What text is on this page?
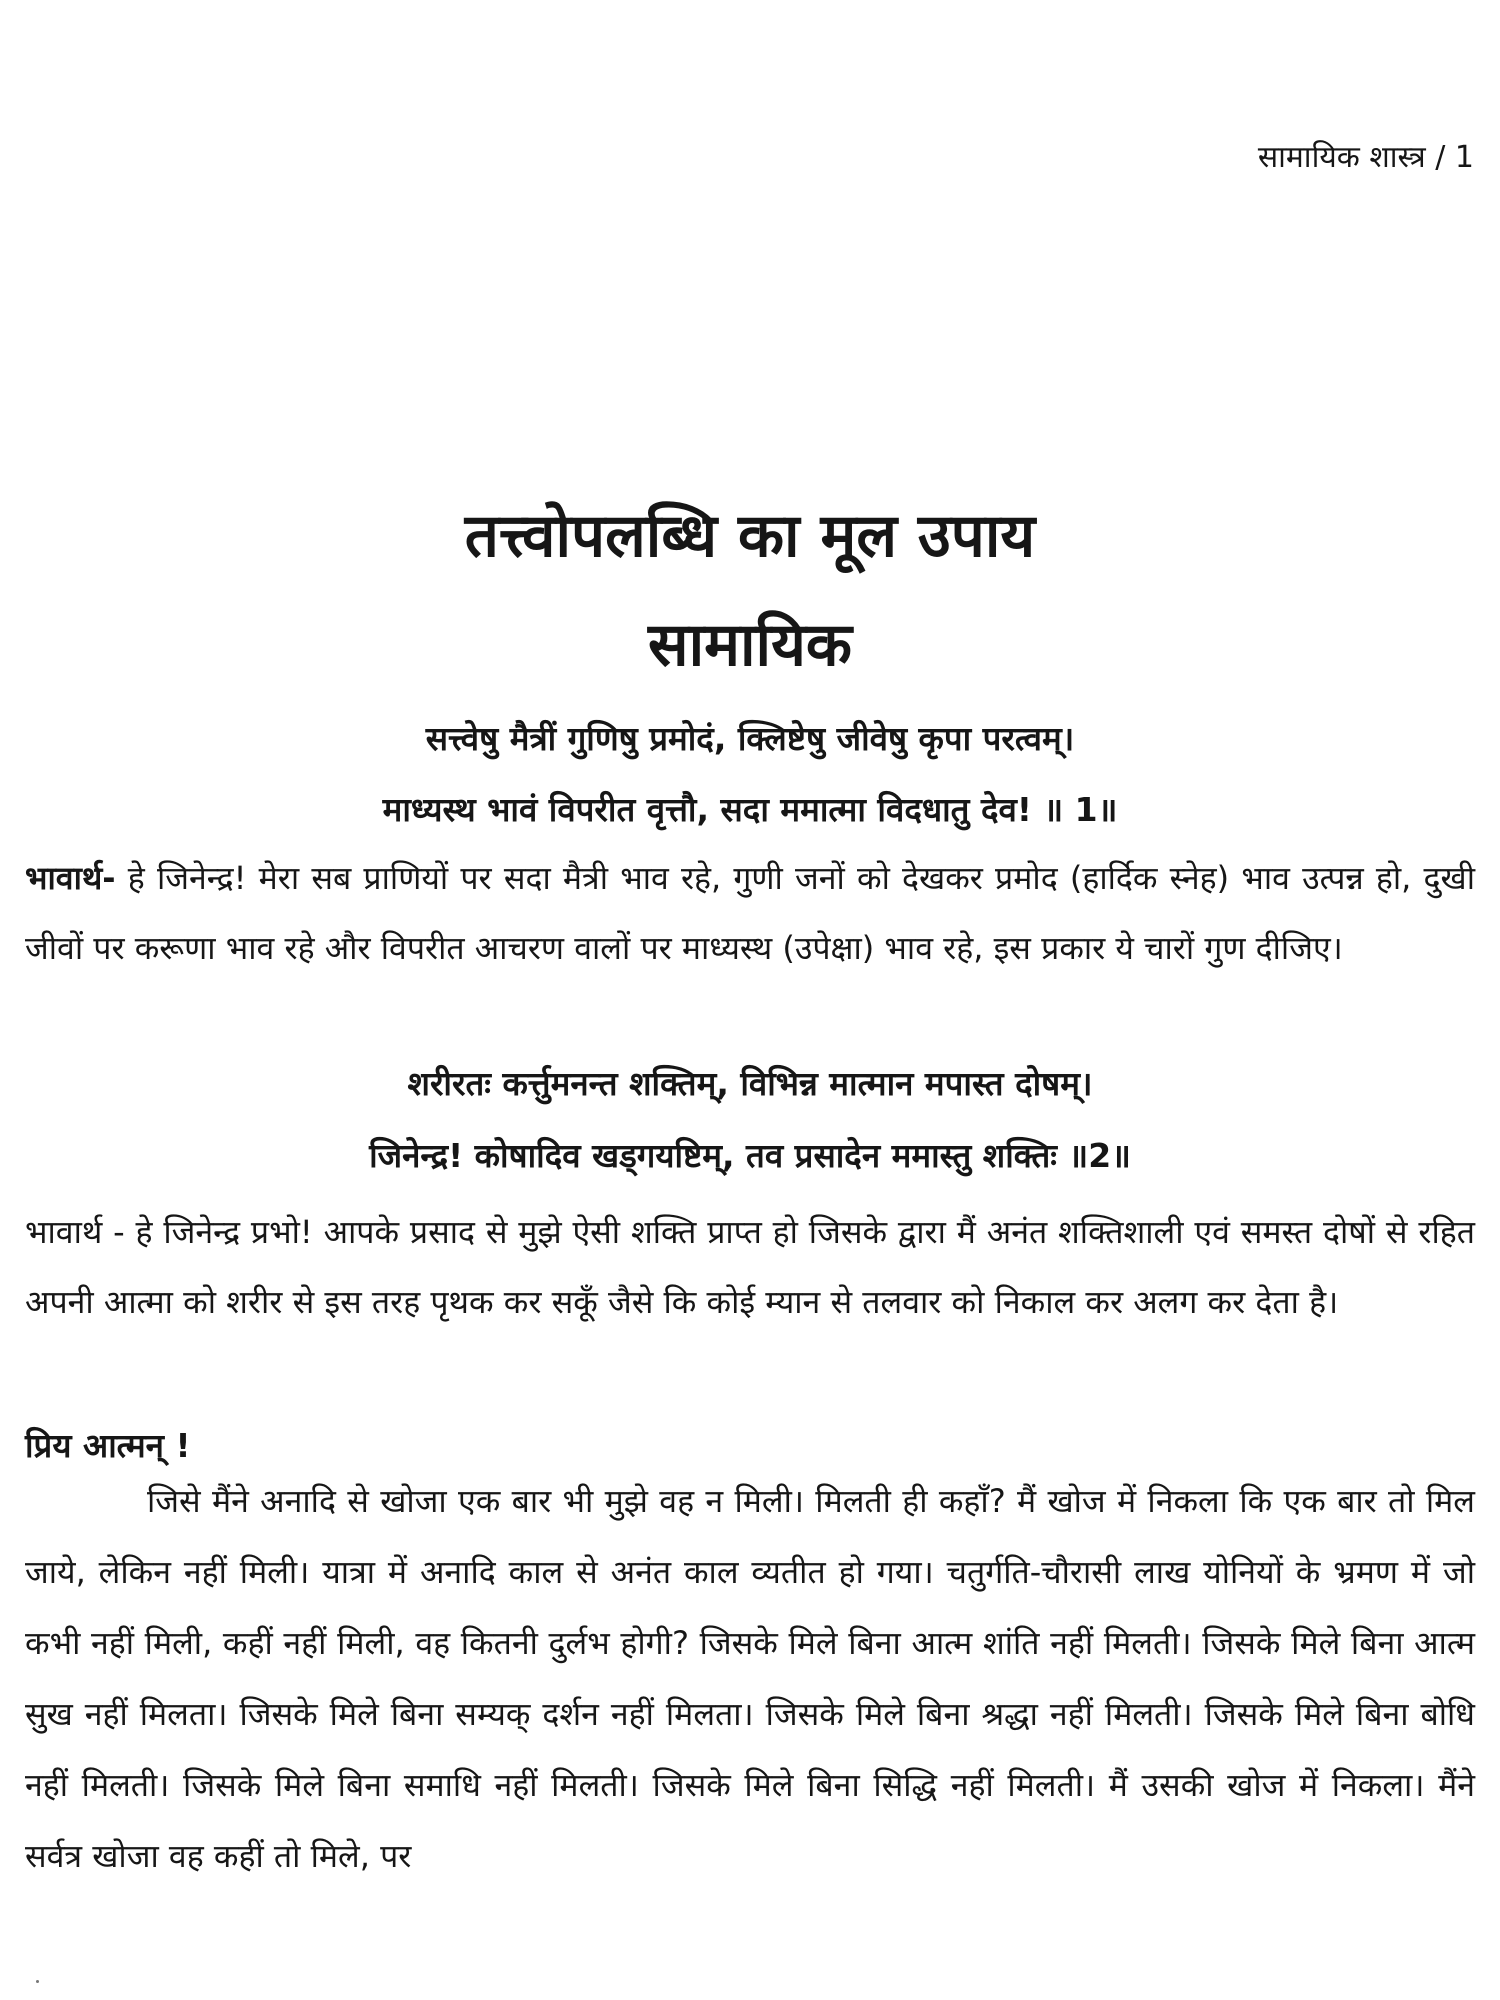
सामायिक शास्त्र / 1
तत्त्वोपलब्धि का मूल उपाय
सामायिक
सत्त्वेषु मैत्रीं गुणिषु प्रमोदं, क्लिष्टेषु जीवेषु कृपा परत्वम्।
माध्यस्थ भावं विपरीत वृत्तौ, सदा ममात्मा विदधातु देव! ॥ 1॥
भावार्थ- हे जिनेन्द्र! मेरा सब प्राणियों पर सदा मैत्री भाव रहे, गुणी जनों को देखकर प्रमोद (हार्दिक स्नेह) भाव उत्पन्न हो, दुखी जीवों पर करूणा भाव रहे और विपरीत आचरण वालों पर माध्यस्थ (उपेक्षा) भाव रहे, इस प्रकार ये चारों गुण दीजिए।
शरीरतः कर्त्तुमनन्त शक्तिम्, विभिन्न मात्मान मपास्त दोषम्।
जिनेन्द्र! कोषादिव खड्गयष्टिम्, तव प्रसादेन ममास्तु शक्तिः ॥2॥
भावार्थ - हे जिनेन्द्र प्रभो! आपके प्रसाद से मुझे ऐसी शक्ति प्राप्त हो जिसके द्वारा मैं अनंत शक्तिशाली एवं समस्त दोषों से रहित अपनी आत्मा को शरीर से इस तरह पृथक कर सकूँ जैसे कि कोई म्यान से तलवार को निकाल कर अलग कर देता है।
प्रिय आत्मन् !
जिसे मैंने अनादि से खोजा एक बार भी मुझे वह न मिली। मिलती ही कहाँ? मैं खोज में निकला कि एक बार तो मिल जाये, लेकिन नहीं मिली। यात्रा में अनादि काल से अनंत काल व्यतीत हो गया। चतुर्गति-चौरासी लाख योनियों के भ्रमण में जो कभी नहीं मिली, कहीं नहीं मिली, वह कितनी दुर्लभ होगी? जिसके मिले बिना आत्म शांति नहीं मिलती। जिसके मिले बिना आत्म सुख नहीं मिलता। जिसके मिले बिना सम्यक् दर्शन नहीं मिलता। जिसके मिले बिना श्रद्धा नहीं मिलती। जिसके मिले बिना बोधि नहीं मिलती। जिसके मिले बिना समाधि नहीं मिलती। जिसके मिले बिना सिद्धि नहीं मिलती। मैं उसकी खोज में निकला। मैंने सर्वत्र खोजा वह कहीं तो मिले, पर
